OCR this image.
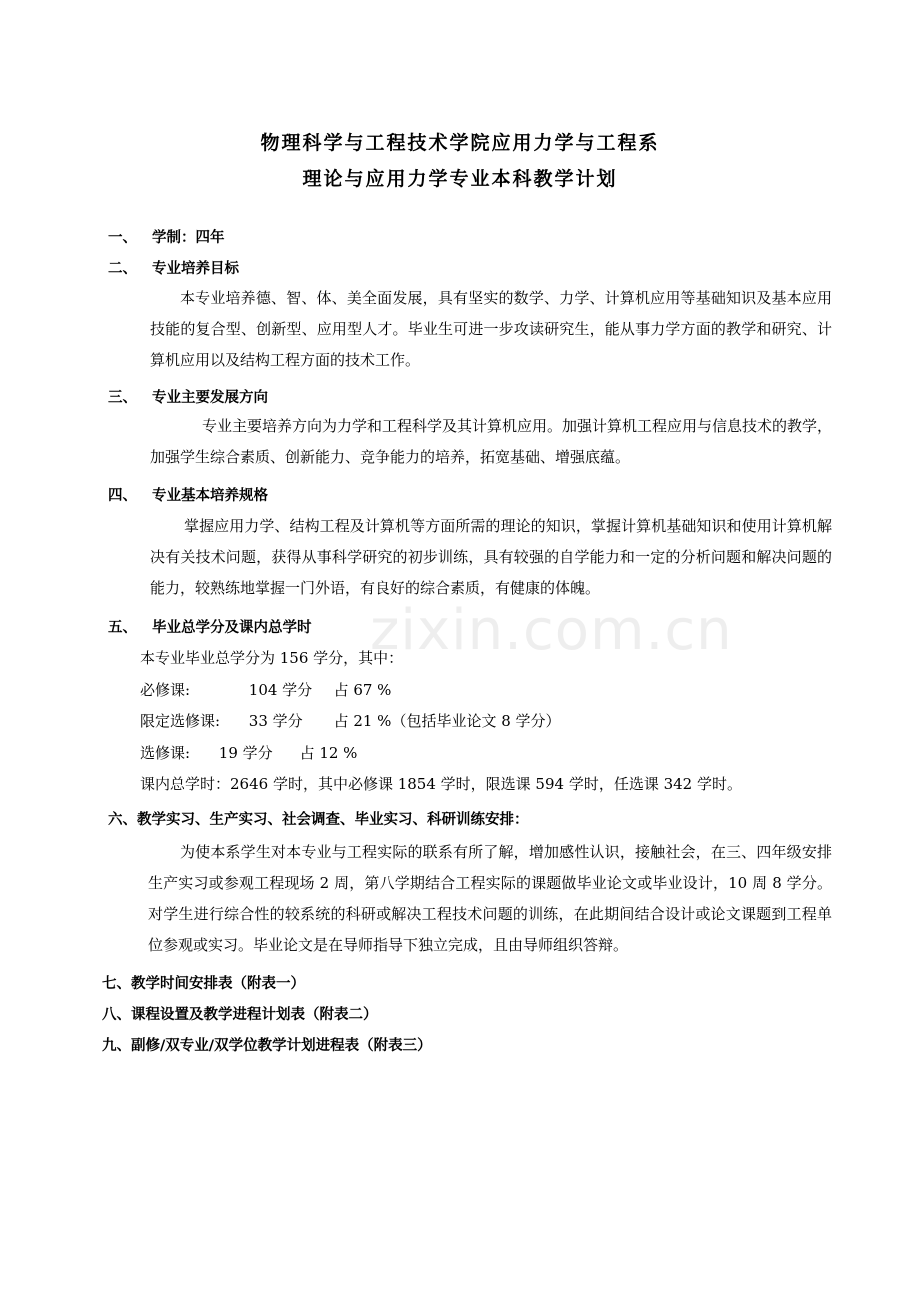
物理科学与工程技术学院应用力学与工程系
理论与应用力学专业本科教学计划
一、 学制：四年
二、 专业培养目标
本专业培养德、智、体、美全面发展，具有坚实的数学、力学、计算机应用等基础知识及基本应用技能的复合型、创新型、应用型人才。毕业生可进一步攻读研究生，能从事力学方面的教学和研究、计算机应用以及结构工程方面的技术工作。
三、 专业主要发展方向
专业主要培养方向为力学和工程科学及其计算机应用。加强计算机工程应用与信息技术的教学，加强学生综合素质、创新能力、竞争能力的培养，拓宽基础、增强底蕴。
四、 专业基本培养规格
掌握应用力学、结构工程及计算机等方面所需的理论的知识，掌握计算机基础知识和使用计算机解决有关技术问题，获得从事科学研究的初步训练，具有较强的自学能力和一定的分析问题和解决问题的能力，较熟练地掌握一门外语，有良好的综合素质，有健康的体魄。
五、 毕业总学分及课内总学时
本专业毕业总学分为 156 学分，其中：
必修课:	104 学分 占 67 %
限定选修课: 33 学分 占 21 %（包括毕业论文 8 学分）
选修课: 19 学分 占 12 %
课内总学时：2646 学时，其中必修课 1854 学时，限选课 594 学时，任选课 342 学时。
六、教学实习、生产实习、社会调查、毕业实习、科研训练安排：
为使本系学生对本专业与工程实际的联系有所了解，增加感性认识，接触社会，在三、四年级安排生产实习或参观工程现场 2 周，第八学期结合工程实际的课题做毕业论文或毕业设计，10 周 8 学分。对学生进行综合性的较系统的科研或解决工程技术问题的训练，在此期间结合设计或论文课题到工程单位参观或实习。毕业论文是在导师指导下独立完成，且由导师组织答辩。
七、教学时间安排表（附表一）
八、课程设置及教学进程计划表（附表二）
九、副修/双专业/双学位教学计划进程表（附表三）
zixin.com.cn
